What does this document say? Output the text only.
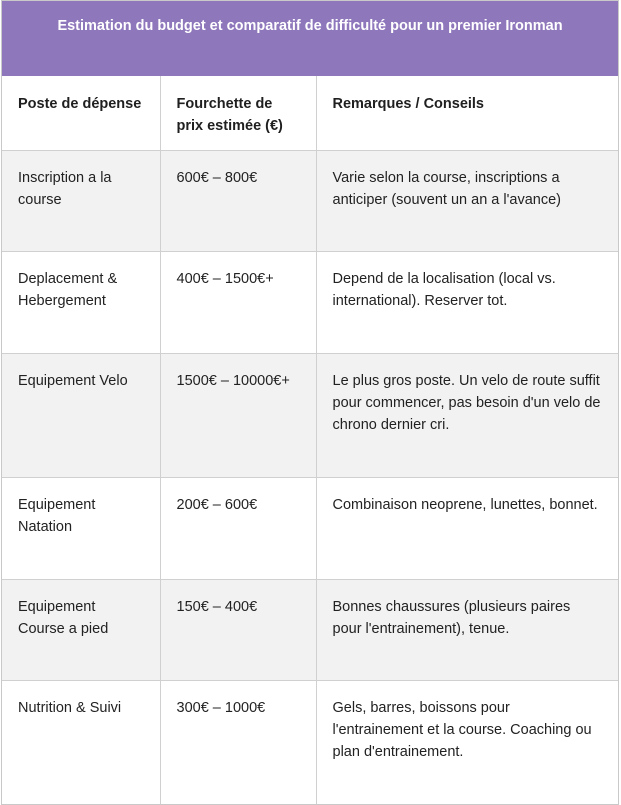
Estimation du budget et comparatif de difficulté pour un premier Ironman
Poste de dépense	Fourchette de prix estimée (€)	Remarques / Conseils
Inscription a la course	600€ – 800€	Varie selon la course, inscriptions a anticiper (souvent un an a l'avance)
Deplacement & Hebergement	400€ – 1500€+	Depend de la localisation (local vs. international). Reserver tot.
Equipement Velo	1500€ – 10000€+	Le plus gros poste. Un velo de route suffit pour commencer, pas besoin d'un velo de chrono dernier cri.
Equipement Natation	200€ – 600€	Combinaison neoprene, lunettes, bonnet.
Equipement Course a pied	150€ – 400€	Bonnes chaussures (plusieurs paires pour l'entrainement), tenue.
Nutrition & Suivi	300€ – 1000€	Gels, barres, boissons pour l'entrainement et la course. Coaching ou plan d'entrainement.
